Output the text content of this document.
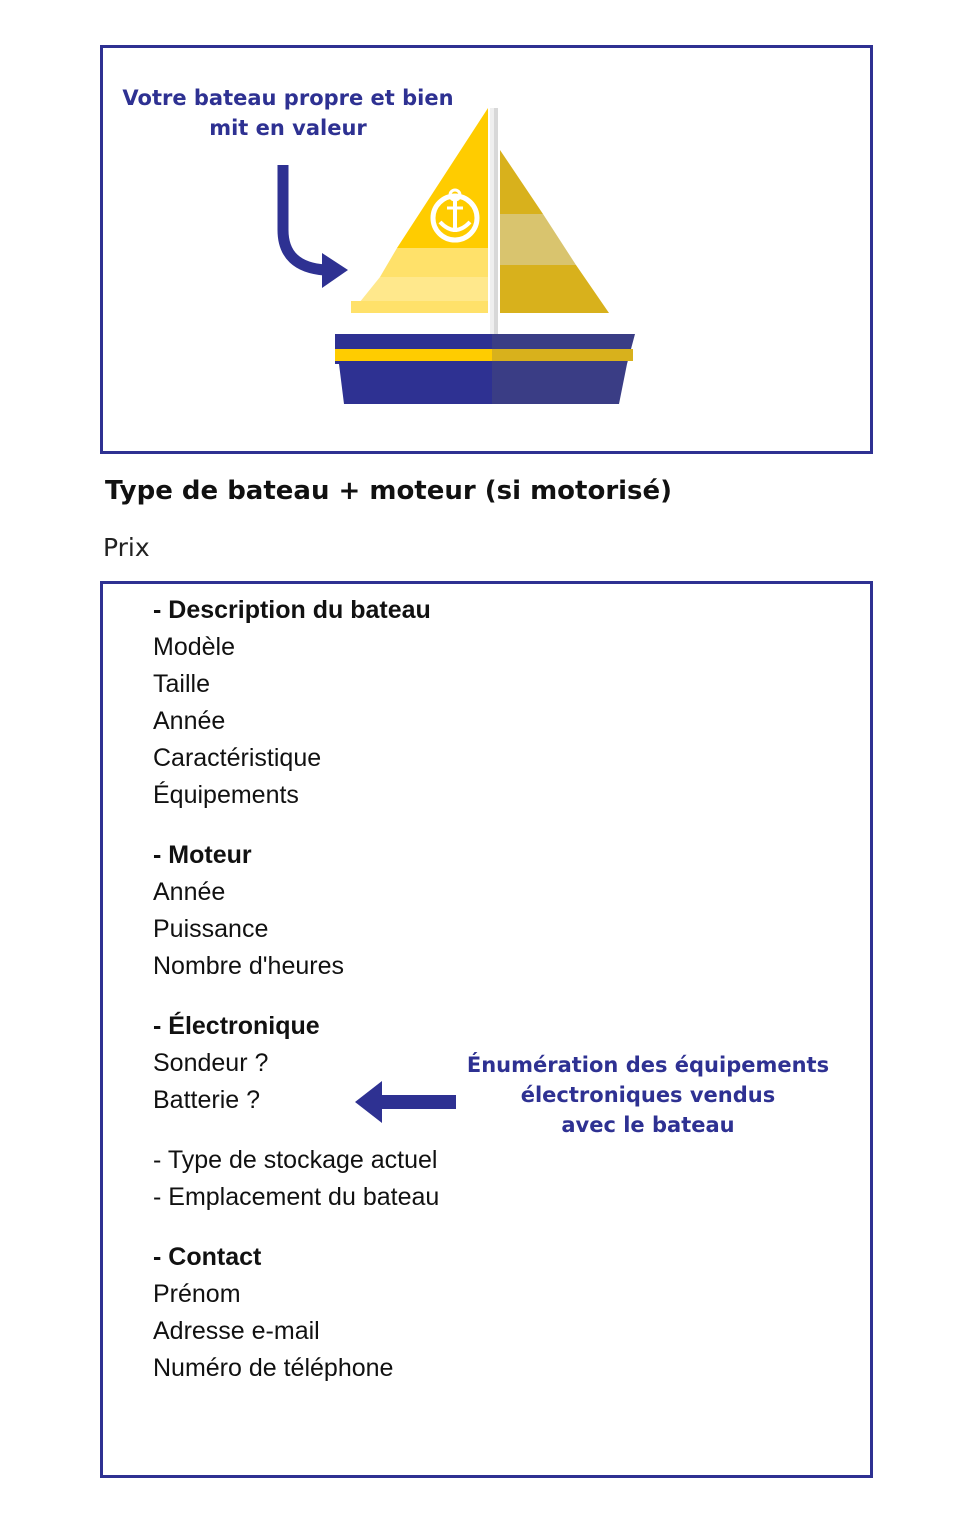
Votre bateau propre et bien
mit en valeur
Type de bateau + moteur (si motorisé)
Prix
- Description du bateau
Modèle
Taille
Année
Caractéristique
Équipements
- Moteur
Année
Puissance
Nombre d'heures
- Électronique
Sondeur ?
Batterie ?
- Type de stockage actuel
- Emplacement du bateau
- Contact
Prénom
Adresse e-mail
Numéro de téléphone
Énumération des équipements
électroniques vendus
avec le bateau
